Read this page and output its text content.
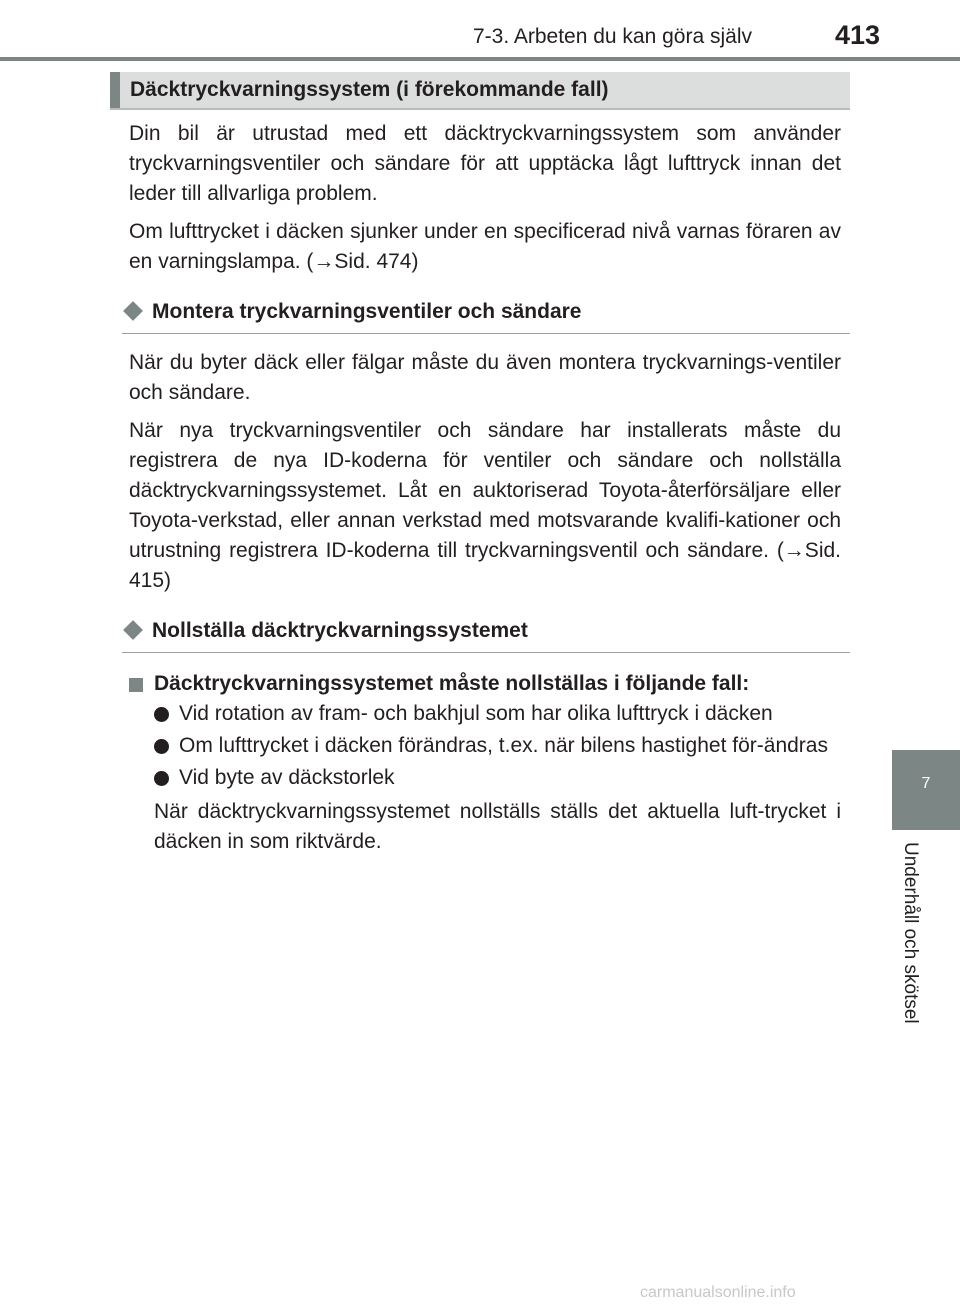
7-3. Arbeten du kan göra själv	413
7
Underhåll och skötsel
Däcktryckvarningssystem (i förekommande fall)

Din bil är utrustad med ett däcktryckvarningssystem som använder tryckvarningsventiler och sändare för att upptäcka lågt lufttryck innan det leder till allvarliga problem.

Om lufttrycket i däcken sjunker under en specificerad nivå varnas föraren av en varningslampa. (→Sid. 474)

Montera tryckvarningsventiler och sändare

När du byter däck eller fälgar måste du även montera tryckvarnings-ventiler och sändare.

När nya tryckvarningsventiler och sändare har installerats måste du registrera de nya ID-koderna för ventiler och sändare och nollställa däcktryckvarningssystemet. Låt en auktoriserad Toyota-återförsäljare eller Toyota-verkstad, eller annan verkstad med motsvarande kvalifi-kationer och utrustning registrera ID-koderna till tryckvarningsventil och sändare. (→Sid. 415)

Nollställa däcktryckvarningssystemet
Däcktryckvarningssystemet måste nollställas i följande fall:
Vid rotation av fram- och bakhjul som har olika lufttryck i däcken
Om lufttrycket i däcken förändras, t.ex. när bilens hastighet för-ändras
Vid byte av däckstorlek

När däcktryckvarningssystemet nollställs ställs det aktuella luft-trycket i däcken in som riktvärde.

carmanualsonline.info
